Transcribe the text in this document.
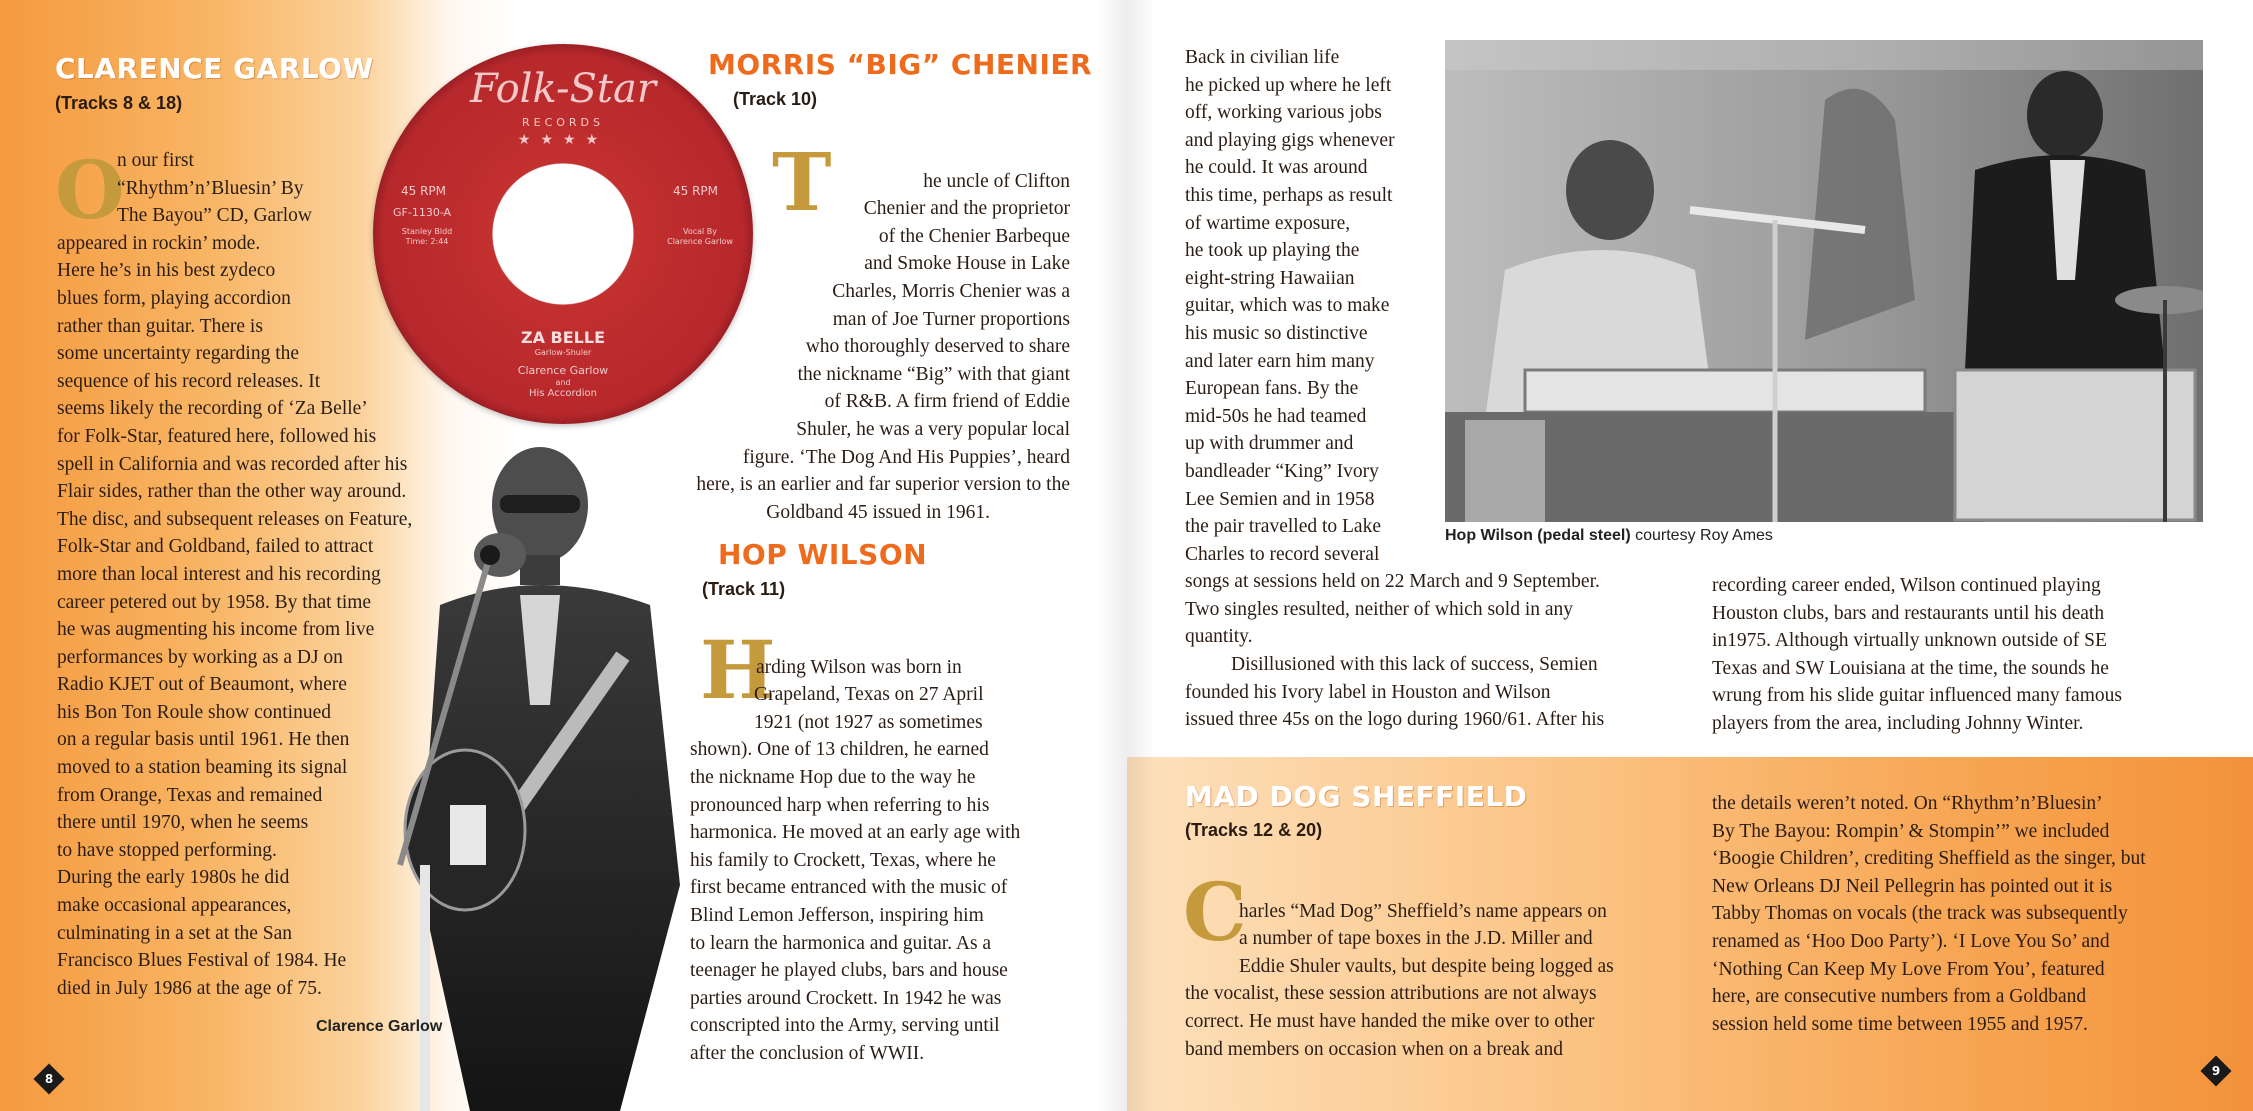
CLARENCE GARLOW
(Tracks 8 & 18)
Clarence Garlow
O
n our first
“Rhythm’n’Bluesin’ By
The Bayou” CD, Garlow
appeared in rockin’ mode.
Here he’s in his best zydeco
blues form, playing accordion
rather than guitar. There is
some uncertainty regarding the
sequence of his record releases. It
seems likely the recording of ‘Za Belle’
for Folk-Star, featured here, followed his
spell in California and was recorded after his
Flair sides, rather than the other way around.
The disc, and subsequent releases on Feature,
Folk-Star and Goldband, failed to attract
more than local interest and his recording
career petered out by 1958. By that time
he was augmenting his income from live
performances by working as a DJ on
Radio KJET out of Beaumont, where
his Bon Ton Roule show continued
on a regular basis until 1961. He then
moved to a station beaming its signal
from Orange, Texas and remained
there until 1970, when he seems
to have stopped performing.
During the early 1980s he did
make occasional appearances,
culminating in a set at the San
Francisco Blues Festival of 1984. He
died in July 1986 at the age of 75.
Folk-Star
RECORDS
★★★★
45 RPM	45 RPM
GF-1130-A
Stanley Bldd
Time: 2:44
Vocal By
Clarence Garlow
ZA BELLE
Garlow-Shuler
Clarence Garlow
and
His Accordion
MORRIS “BIG” CHENIER
(Track 10)
T	he uncle of Clifton
Chenier and the proprietor
of the Chenier Barbeque
and Smoke House in Lake
Charles, Morris Chenier was a
man of Joe Turner proportions
who thoroughly deserved to share
the nickname “Big” with that giant
of R&B. A firm friend of Eddie
Shuler, he was a very popular local
figure. ‘The Dog And His Puppies’, heard
here, is an earlier and far superior version to the
Goldband 45 issued in 1961.

HOP WILSON
(Track 11)
H

arding Wilson was born in
Grapeland, Texas on 27 April
1921 (not 1927 as sometimes
shown). One of 13 children, he earned
the nickname Hop due to the way he
pronounced harp when referring to his
harmonica. He moved at an early age with
his family to Crockett, Texas, where he
first became entranced with the music of
Blind Lemon Jefferson, inspiring him
to learn the harmonica and guitar. As a
teenager he played clubs, bars and house
parties around Crockett. In 1942 he was
conscripted into the Army, serving until
after the conclusion of WWII.

8
Back in civilian life
he picked up where he left
off, working various jobs
and playing gigs whenever
he could. It was around
this time, perhaps as result
of wartime exposure,
he took up playing the
eight-string Hawaiian
guitar, which was to make
his music so distinctive
and later earn him many
European fans. By the
mid-50s he had teamed
up with drummer and
bandleader “King” Ivory
Lee Semien and in 1958
the pair travelled to Lake
Charles to record several
Hop Wilson (pedal steel) courtesy Roy Ames
songs at sessions held on 22 March and 9 September.
Two singles resulted, neither of which sold in any
quantity.
Disillusioned with this lack of success, Semien
founded his Ivory label in Houston and Wilson
issued three 45s on the logo during 1960/61. After his
recording career ended, Wilson continued playing
Houston clubs, bars and restaurants until his death
in1975. Although virtually unknown outside of SE
Texas and SW Louisiana at the time, the sounds he
wrung from his slide guitar influenced many famous
players from the area, including Johnny Winter.
MAD DOG SHEFFIELD
(Tracks 12 & 20)
C

harles “Mad Dog” Sheffield’s name appears on
a number of tape boxes in the J.D. Miller and
Eddie Shuler vaults, but despite being logged as
the vocalist, these session attributions are not always
correct. He must have handed the mike over to other
band members on occasion when on a break and

the details weren’t noted. On “Rhythm’n’Bluesin’
By The Bayou: Rompin’ & Stompin’” we included
‘Boogie Children’, crediting Sheffield as the singer, but
New Orleans DJ Neil Pellegrin has pointed out it is
Tabby Thomas on vocals (the track was subsequently
renamed as ‘Hoo Doo Party’). ‘I Love You So’ and
‘Nothing Can Keep My Love From You’, featured
here, are consecutive numbers from a Goldband
session held some time between 1955 and 1957.
9
